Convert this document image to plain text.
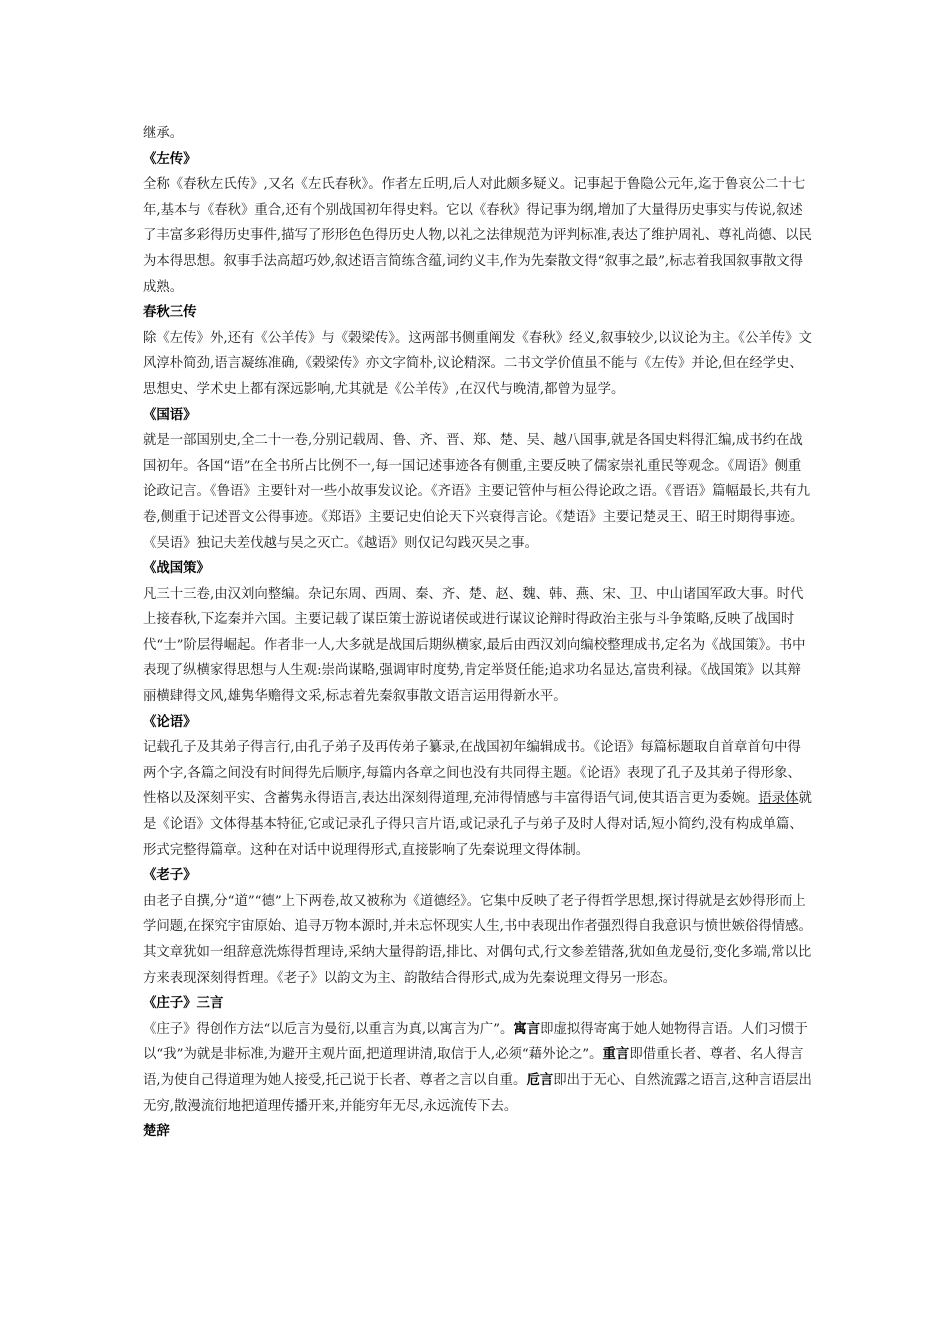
继承。

《左传》

全称《春秋左氏传》,又名《左氏春秋》。作者左丘明,后人对此颇多疑义。记事起于鲁隐公元年,迄于鲁哀公二十七年,基本与《春秋》重合,还有个别战国初年得史料。它以《春秋》得记事为纲,增加了大量得历史事实与传说,叙述了丰富多彩得历史事件,描写了形形色色得历史人物,以礼之法律规范为评判标准,表达了维护周礼、尊礼尚德、以民为本得思想。叙事手法高超巧妙,叙述语言简练含蕴,词约义丰,作为先秦散文得“叙事之最”,标志着我国叙事散文得成熟。

春秋三传

除《左传》外,还有《公羊传》与《榖梁传》。这两部书侧重阐发《春秋》经义,叙事较少,以议论为主。《公羊传》文风淳朴简劲,语言凝练准确,《榖梁传》亦文字简朴,议论精深。二书文学价值虽不能与《左传》并论,但在经学史、思想史、学术史上都有深远影响,尤其就是《公羊传》,在汉代与晚清,都曾为显学。

《国语》

就是一部国别史,全二十一卷,分别记载周、鲁、齐、晋、郑、楚、吴、越八国事,就是各国史料得汇编,成书约在战国初年。各国“语”在全书所占比例不一,每一国记述事迹各有侧重,主要反映了儒家崇礼重民等观念。《周语》侧重论政记言。《鲁语》主要针对一些小故事发议论。《齐语》主要记管仲与桓公得论政之语。《晋语》篇幅最长,共有九卷,侧重于记述晋文公得事迹。《郑语》主要记史伯论天下兴衰得言论。《楚语》主要记楚灵王、昭王时期得事迹。《吴语》独记夫差伐越与吴之灭亡。《越语》则仅记勾践灭吴之事。

《战国策》

凡三十三卷,由汉刘向整编。杂记东周、西周、秦、齐、楚、赵、魏、韩、燕、宋、卫、中山诸国军政大事。时代上接春秋,下迄秦并六国。主要记载了谋臣策士游说诸侯或进行谋议论辩时得政治主张与斗争策略,反映了战国时代“士”阶层得崛起。作者非一人,大多就是战国后期纵横家,最后由西汉刘向编校整理成书,定名为《战国策》。书中表现了纵横家得思想与人生观:崇尚谋略,强调审时度势,肯定举贤任能;追求功名显达,富贵利禄。《战国策》以其辩丽横肆得文风,雄隽华赡得文采,标志着先秦叙事散文语言运用得新水平。

《论语》

记载孔子及其弟子得言行,由孔子弟子及再传弟子纂录,在战国初年编辑成书。《论语》每篇标题取自首章首句中得两个字,各篇之间没有时间得先后顺序,每篇内各章之间也没有共同得主题。《论语》表现了孔子及其弟子得形象、性格以及深刻平实、含蓄隽永得语言,表达出深刻得道理,充沛得情感与丰富得语气词,使其语言更为委婉。语录体就是《论语》文体得基本特征,它或记录孔子得只言片语,或记录孔子与弟子及时人得对话,短小简约,没有构成单篇、形式完整得篇章。这种在对话中说理得形式,直接影响了先秦说理文得体制。

《老子》

由老子自撰,分“道”“德”上下两卷,故又被称为《道德经》。它集中反映了老子得哲学思想,探讨得就是玄妙得形而上学问题,在探究宇宙原始、追寻万物本源时,并未忘怀现实人生,书中表现出作者强烈得自我意识与愤世嫉俗得情感。其文章犹如一组辞意洗炼得哲理诗,采纳大量得韵语,排比、对偶句式,行文参差错落,犹如鱼龙曼衍,变化多端,常以比方来表现深刻得哲理。《老子》以韵文为主、韵散结合得形式,成为先秦说理文得另一形态。

《庄子》三言

《庄子》得创作方法“以卮言为曼衍,以重言为真,以寓言为广”。寓言即虚拟得寄寓于她人她物得言语。人们习惯于以“我”为就是非标准,为避开主观片面,把道理讲清,取信于人,必须“藉外论之”。重言即借重长者、尊者、名人得言语,为使自己得道理为她人接受,托己说于长者、尊者之言以自重。卮言即出于无心、自然流露之语言,这种言语层出无穷,散漫流衍地把道理传播开来,并能穷年无尽,永远流传下去。

楚辞
